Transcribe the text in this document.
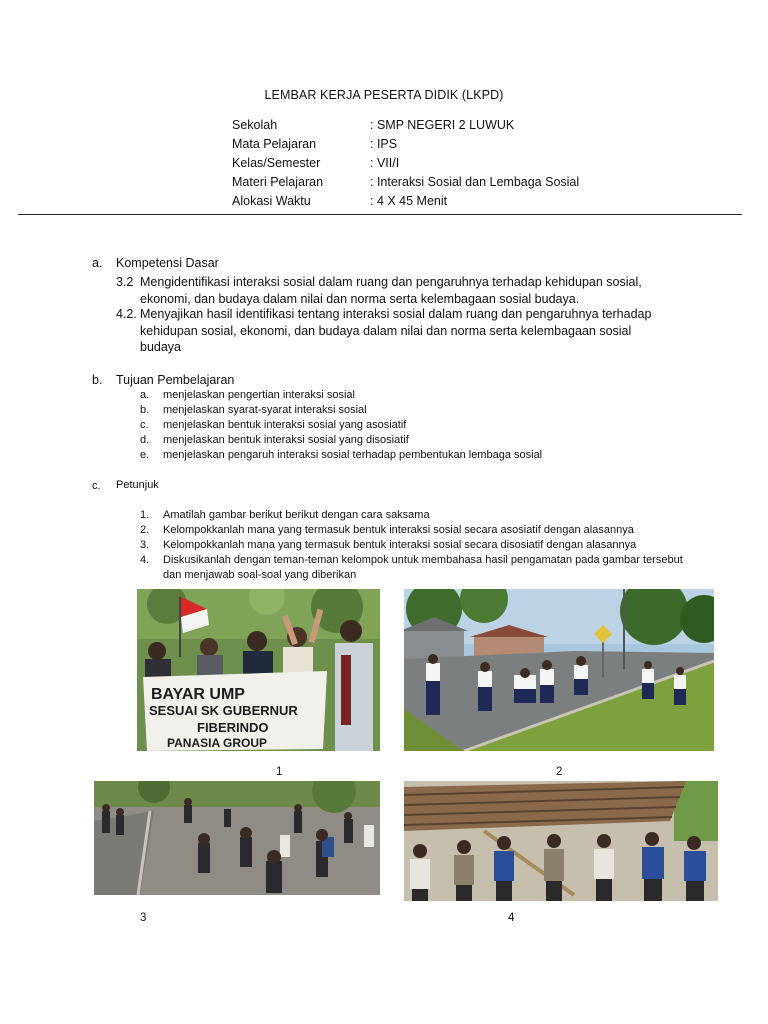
LEMBAR KERJA PESERTA DIDIK (LKPD)
Sekolah	: SMP NEGERI 2 LUWUK
Mata Pelajaran	: IPS
Kelas/Semester	: VII/I
Materi Pelajaran	: Interaksi Sosial dan Lembaga Sosial
Alokasi Waktu	: 4 X 45 Menit
a. Kompetensi Dasar
3.2 Mengidentifikasi interaksi sosial dalam ruang dan pengaruhnya terhadap kehidupan sosial,
ekonomi, dan budaya dalam nilai dan norma serta kelembagaan sosial budaya.
4.2. Menyajikan hasil identifikasi tentang interaksi sosial dalam ruang dan pengaruhnya terhadap
kehidupan sosial, ekonomi, dan budaya dalam nilai dan norma serta kelembagaan sosial
budaya
b. Tujuan Pembelajaran
a. menjelaskan pengertian interaksi sosial
b. menjelaskan syarat-syarat interaksi sosial
c. menjelaskan bentuk interaksi sosial yang asosiatif
d. menjelaskan bentuk interaksi sosial yang disosiatif
e. menjelaskan pengaruh interaksi sosial terhadap pembentukan lembaga sosial
c. Petunjuk
1. Amatilah gambar berikut berikut dengan cara saksama
2. Kelompokkanlah mana yang termasuk bentuk interaksi sosial secara asosiatif dengan alasannya
3. Kelompokkanlah mana yang termasuk bentuk interaksi sosial secara disosiatif dengan alasannya
4. Diskusikanlah dengan teman-teman kelompok untuk membahasa hasil pengamatan pada gambar tersebut dan menjawab soal-soal yang diberikan
BAYAR UMP
SESUAI SK GUBERNUR
FIBERINDO
PANASIA GROUP
1	2
3	4
